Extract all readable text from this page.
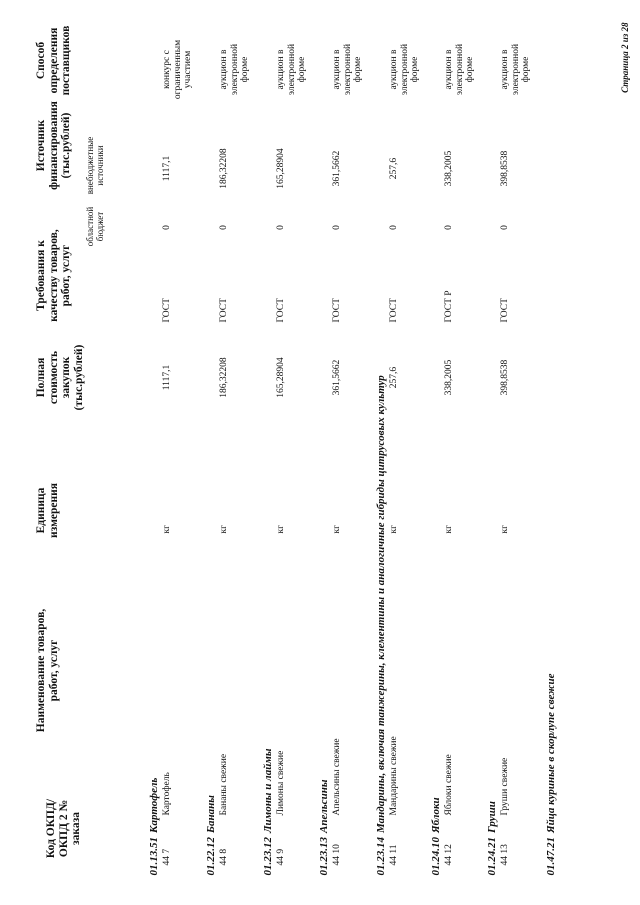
Код ОКПД/ ОКПД 2 № заказа
Наименование товаров, работ, услуг
Единица измерения
Полная стоимость закупок (тыс.рублей)
Требования к качеству товаров, работ, услуг
Источник финансирования (тыс.рублей)
областной бюджет
внебюджетные источники
Способ определения поставщиков
01.13.51Картофель
44 7
Картофель
кг
1117,1
ГОСТ
0
1117,1
конкурс с ограниченным участием
01.22.12Бананы
44 8
Бананы свежие
кг
186,32208
ГОСТ
0
186,32208
аукцион в электронной форме
01.23.12Лимоны и лаймы
44 9
Лимоны свежие
кг
165,28904
ГОСТ
0
165,28904
аукцион в электронной форме
01.23.13Апельсины
44 10
Апельсины свежие
кг
361,5662
ГОСТ
0
361,5662
аукцион в электронной форме
01.23.14Мандарины, включая танжерины, клементины и аналогичные гибриды цитрусовых культур
44 11
Мандарины свежие
кг
257,6
ГОСТ
0
257,6
аукцион в электронной форме
01.24.10Яблоки
44 12
Яблоки свежие
кг
338,2005
ГОСТ Р
0
338,2005
аукцион в электронной форме
01.24.21Груши
44 13
Груши свежие
кг
398,8538
ГОСТ
0
398,8538
аукцион в электронной форме
01.47.21Яйца куриные в скорлупе свежие
Страница 2 из 28
